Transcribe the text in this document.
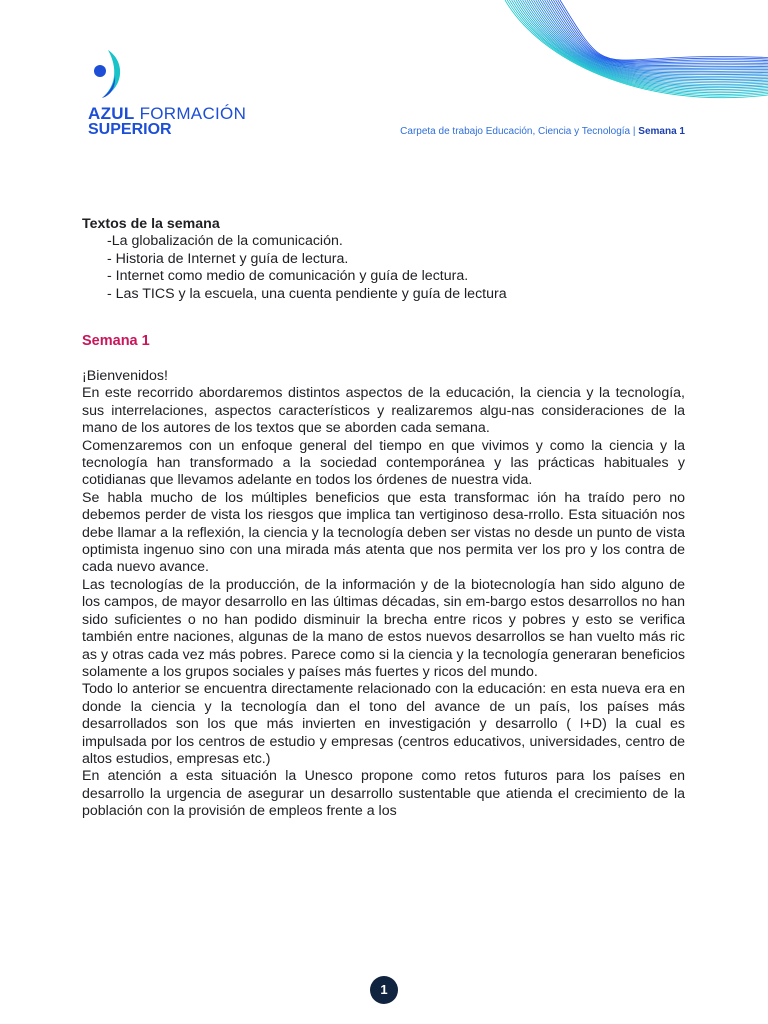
AZUL FORMACIÓN
SUPERIOR	Carpeta de trabajo Educación, Ciencia y Tecnología | Semana 1

Textos de la semana

-La globalización de la comunicación.
- Historia de Internet y guía de lectura.
- Internet como medio de comunicación y guía de lectura.
- Las TICS y la escuela, una cuenta pendiente y guía de lectura
Semana 1

¡Bienvenidos!

En este recorrido abordaremos distintos aspectos de la educación, la ciencia y la tecnología, sus interrelaciones, aspectos característicos y realizaremos algu-nas consideraciones de la mano de los autores de los textos que se aborden cada semana.

Comenzaremos con un enfoque general del tiempo en que vivimos y como la ciencia y la tecnología han transformado a la sociedad contemporánea y las prácticas habituales y cotidianas que llevamos adelante en todos los órdenes de nuestra vida.

Se habla mucho de los múltiples beneficios que esta transformac ión ha traído pero no debemos perder de vista los riesgos que implica tan vertiginoso desa-rrollo. Esta situación nos debe llamar a la reflexión, la ciencia y la tecnología deben ser vistas no desde un punto de vista optimista ingenuo sino con una mirada más atenta que nos permita ver los pro y los contra de cada nuevo avance.

Las tecnologías de la producción, de la información y de la biotecnología han sido alguno de los campos, de mayor desarrollo en las últimas décadas, sin em-bargo estos desarrollos no han sido suficientes o no han podido disminuir la brecha entre ricos y pobres y esto se verifica también entre naciones, algunas de la mano de estos nuevos desarrollos se han vuelto más ric as y otras cada vez más pobres. Parece como si la ciencia y la tecnología generaran beneficios solamente a los grupos sociales y países más fuertes y ricos del mundo.

Todo lo anterior se encuentra directamente relacionado con la educación: en esta nueva era en donde la ciencia y la tecnología dan el tono del avance de un país, los países más desarrollados son los que más invierten en investigación y desarrollo ( I+D) la cual es impulsada por los centros de estudio y empresas (centros educativos, universidades, centro de altos estudios, empresas etc.)

En atención a esta situación la Unesco propone como retos futuros para los países en desarrollo la urgencia de asegurar un desarrollo sustentable que atienda el crecimiento de la población con la provisión de empleos frente a los

1
